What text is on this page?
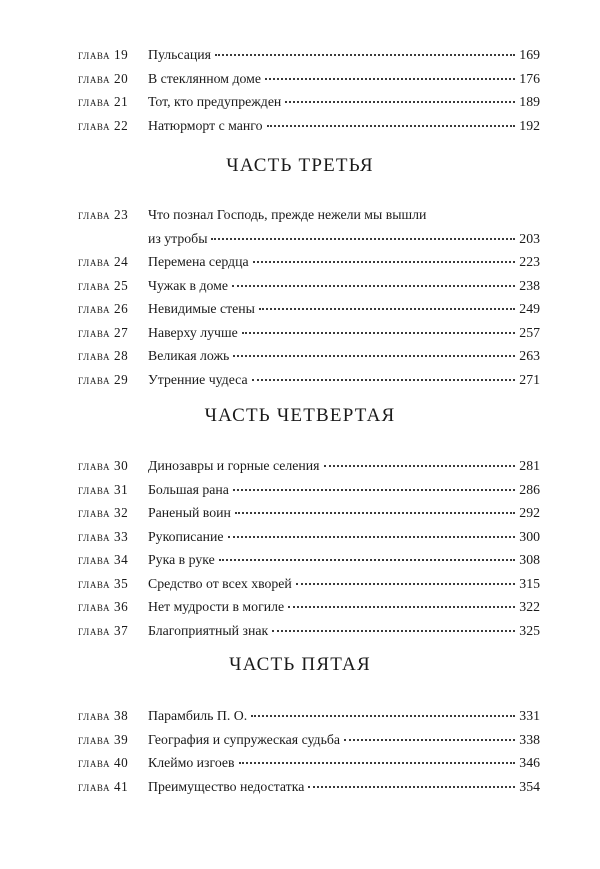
глава 19	Пульсация	169
глава 20	В стеклянном доме	176
глава 21	Тот, кто предупрежден	189
глава 22	Натюрморт с манго	192
ЧАСТЬ ТРЕТЬЯ
глава 23	Что познал Господь, прежде нежели мы вышли
из утробы	203
глава 24	Перемена сердца	223
глава 25	Чужак в доме	238
глава 26	Невидимые стены	249
глава 27	Наверху лучше	257
глава 28	Великая ложь	263
глава 29	Утренние чудеса	271
ЧАСТЬ ЧЕТВЕРТАЯ
глава 30	Динозавры и горные селения	281
глава 31	Большая рана	286
глава 32	Раненый воин	292
глава 33	Рукописание	300
глава 34	Рука в руке	308
глава 35	Средство от всех хворей	315
глава 36	Нет мудрости в могиле	322
глава 37	Благоприятный знак	325
ЧАСТЬ ПЯТАЯ
глава 38	Парамбиль П. О.	331
глава 39	География и супружеская судьба	338
глава 40	Клеймо изгоев	346
глава 41	Преимущество недостатка	354
